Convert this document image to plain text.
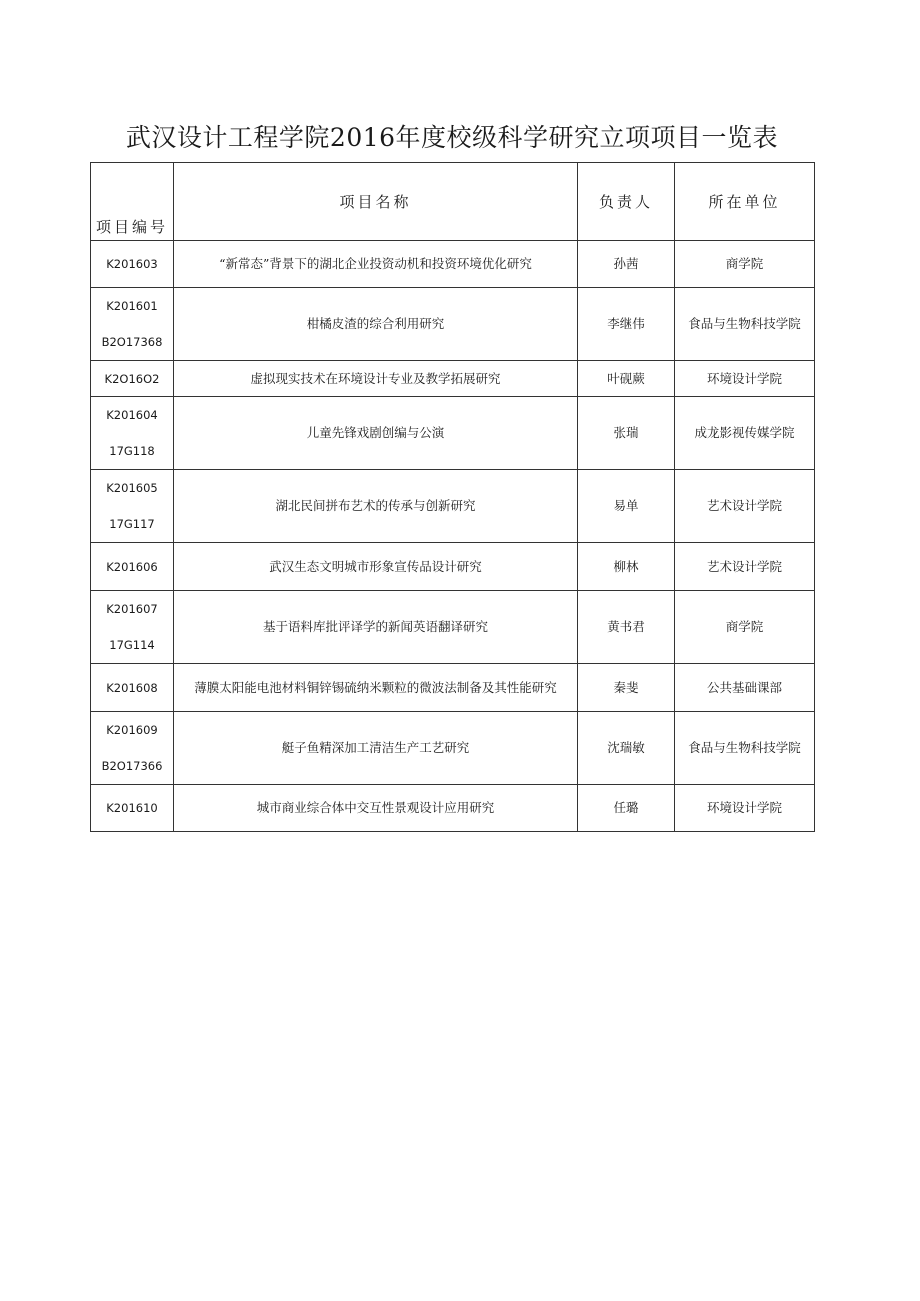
武汉设计工程学院2016年度校级科学研究立项项目一览表
项目编号	项目名称	负责人	所在单位

K201603	“新常态”背景下的湖北企业投资动机和投资环境优化研究	孙茜	商学院

K201601
B2O17368	柑橘皮渣的综合利用研究	李继伟	食品与生物科技学院

K2O16O2	虚拟现实技术在环境设计专业及教学拓展研究	叶砚蕨	环境设计学院

K201604
17G118	儿童先锋戏剧创编与公演	张瑞	成龙影视传媒学院

K201605
17G117	湖北民间拼布艺术的传承与创新研究	易单	艺术设计学院

K201606	武汉生态文明城市形象宣传品设计研究	柳林	艺术设计学院

K201607
17G114	基于语料库批评译学的新闻英语翻译研究	黄书君	商学院

K201608	薄膜太阳能电池材料铜锌锡硫纳米颗粒的微波法制备及其性能研究	秦斐	公共基础课部

K201609
B2O17366	艇子鱼精深加工清洁生产工艺研究	沈瑞敏	食品与生物科技学院

K201610	城市商业综合体中交互性景观设计应用研究	任璐	环境设计学院
